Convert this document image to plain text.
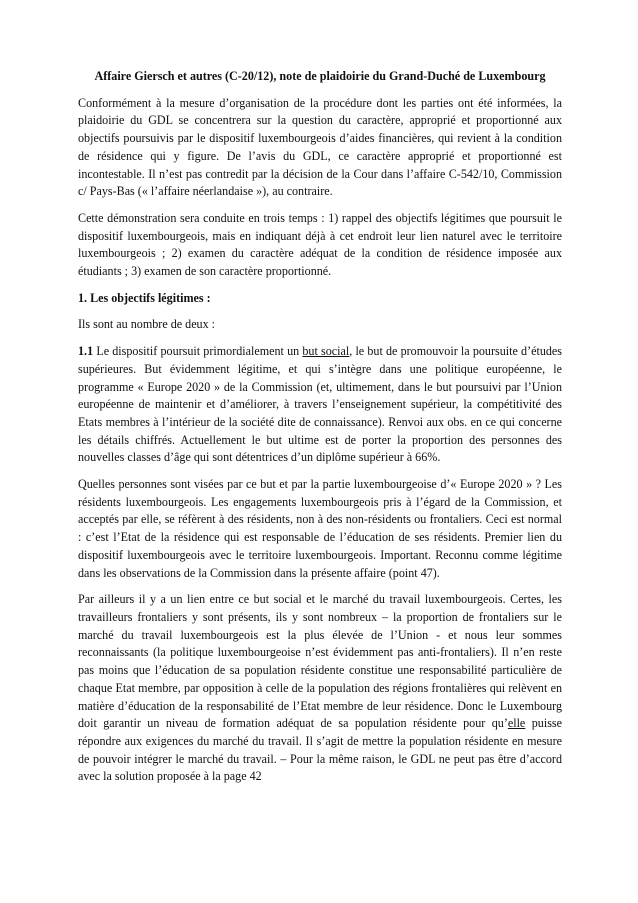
Affaire Giersch et autres (C-20/12), note de plaidoirie du Grand-Duché de Luxembourg

Conformément à la mesure d’organisation de la procédure dont les parties ont été informées, la plaidoirie du GDL se concentrera sur la question du caractère, approprié et proportionné aux objectifs poursuivis par le dispositif luxembourgeois d’aides financières, qui revient à la condition de résidence qui y figure. De l’avis du GDL, ce caractère approprié et proportionné est incontestable. Il n’est pas contredit par la décision de la Cour dans l’affaire C-542/10, Commission c/ Pays-Bas (« l’affaire néerlandaise »), au contraire.

Cette démonstration sera conduite en trois temps : 1) rappel des objectifs légitimes que poursuit le dispositif luxembourgeois, mais en indiquant déjà à cet endroit leur lien naturel avec le territoire luxembourgeois ; 2) examen du caractère adéquat de la condition de résidence imposée aux étudiants ; 3) examen de son caractère proportionné.

1. Les objectifs légitimes :

Ils sont au nombre de deux :

1.1 Le dispositif poursuit primordialement un but social, le but de promouvoir la poursuite d’études supérieures. But évidemment légitime, et qui s’intègre dans une politique européenne, le programme « Europe 2020 » de la Commission (et, ultimement, dans le but poursuivi par l’Union européenne de maintenir et d’améliorer, à travers l’enseignement supérieur, la compétitivité des Etats membres à l’intérieur de la société dite de connaissance). Renvoi aux obs. en ce qui concerne les détails chiffrés. Actuellement le but ultime est de porter la proportion des personnes des nouvelles classes d’âge qui sont détentrices d’un diplôme supérieur à 66%.

Quelles personnes sont visées par ce but et par la partie luxembourgeoise d’« Europe 2020 » ? Les résidents luxembourgeois. Les engagements luxembourgeois pris à l’égard de la Commission, et acceptés par elle, se réfèrent à des résidents, non à des non-résidents ou frontaliers. Ceci est normal : c’est l’Etat de la résidence qui est responsable de l’éducation de ses résidents. Premier lien du dispositif luxembourgeois avec le territoire luxembourgeois. Important. Reconnu comme légitime dans les observations de la Commission dans la présente affaire (point 47).

Par ailleurs il y a un lien entre ce but social et le marché du travail luxembourgeois. Certes, les travailleurs frontaliers y sont présents, ils y sont nombreux – la proportion de frontaliers sur le marché du travail luxembourgeois est la plus élevée de l’Union - et nous leur sommes reconnaissants (la politique luxembourgeoise n’est évidemment pas anti-frontaliers). Il n’en reste pas moins que l’éducation de sa population résidente constitue une responsabilité particulière de chaque Etat membre, par opposition à celle de la population des régions frontalières qui relèvent en matière d’éducation de la responsabilité de l’Etat membre de leur résidence. Donc le Luxembourg doit garantir un niveau de formation adéquat de sa population résidente pour qu’elle puisse répondre aux exigences du marché du travail. Il s’agit de mettre la population résidente en mesure de pouvoir intégrer le marché du travail. – Pour la même raison, le GDL ne peut pas être d’accord avec la solution proposée à la page 42
